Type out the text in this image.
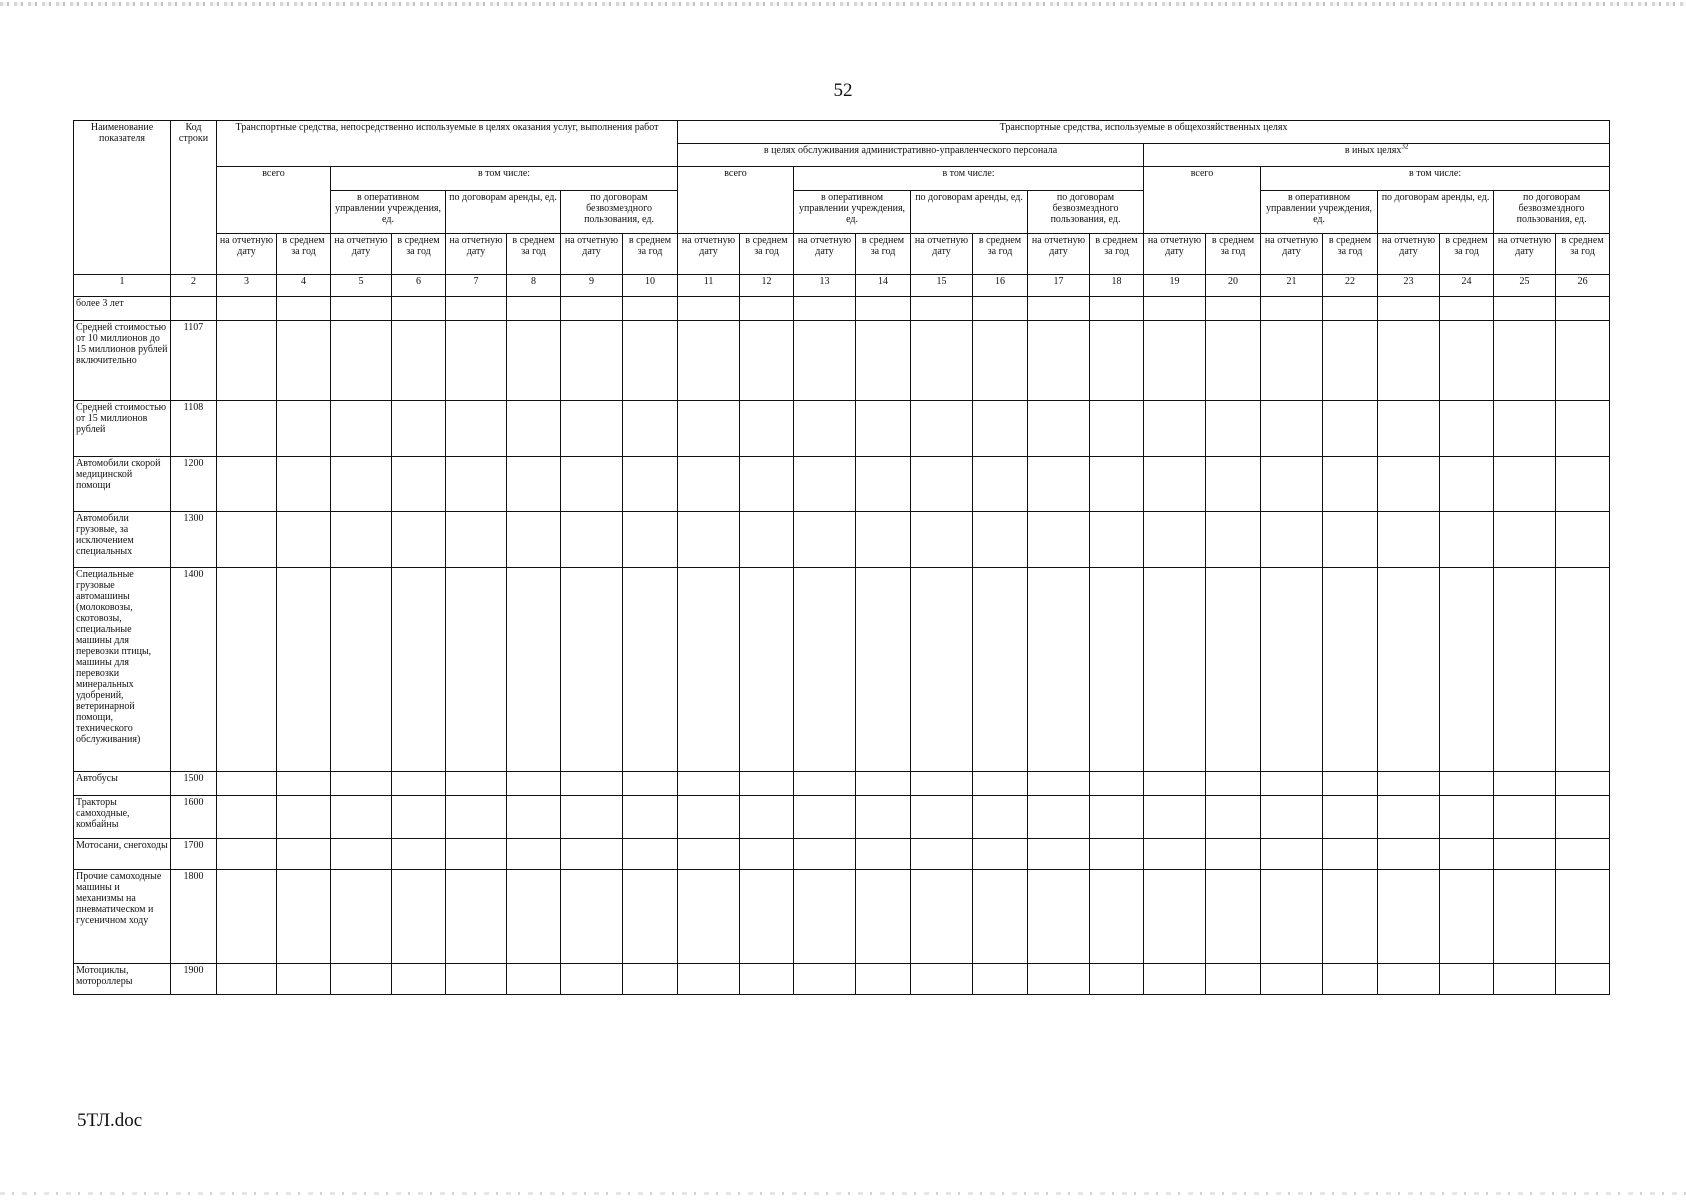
52
Наименование показателя	Код строки	Транспортные средства, непосредственно используемые в целях оказания услуг, выполнения работ								Транспортные средства, используемые в общехозяйственных целях															
										в целях обслуживания административно-управленческого персонала								в иных целях$^{32}$
		всего		в том числе:						всего		в том числе:						всего		в том числе:					
				в оперативном управлении учреждения, ед.		по договорам аренды, ед.		по договорам безвозмездного пользования, ед.				в оперативном управлении учреждения, ед.		по договорам аренды, ед.		по договорам безвозмездного пользования, ед.				в оперативном управлении учреждения, ед.		по договорам аренды, ед.		по договорам безвозмездного пользования, ед.	
		на отчетную дату	в среднем за год	на отчетную дату	в среднем за год	на отчетную дату	в среднем за год	на отчетную дату	в среднем за год	на отчетную дату	в среднем за год	на отчетную дату	в среднем за год	на отчетную дату	в среднем за год	на отчетную дату	в среднем за год	на отчетную дату	в среднем за год	на отчетную дату	в среднем за год	на отчетную дату	в среднем за год	на отчетную дату	в среднем за год
1	2	3	4	5	6	7	8	9	10	11	12	13	14	15	16	17	18	19	20	21	22	23	24	25	26
более 3 лет																									
Средней стоимостью от 10 миллионов до 15 миллионов рублей включительно	1107																								
Средней стоимостью от 15 миллионов рублей	1108																								
Автомобили скорой медицинской помощи	1200																								
Автомобили грузовые, за исключением специальных	1300																								
Специальные грузовые автомашины (молоковозы, скотовозы, специальные машины для перевозки птицы, машины для перевозки минеральных удобрений, ветеринарной помощи, технического обслуживания)	1400																								
Автобусы	1500																								
Тракторы самоходные, комбайны	1600																								
Мотосани, снегоходы	1700																								
Прочие самоходные машины и механизмы на пневматическом и гусеничном ходу	1800																								
Мотоциклы, мотороллеры	1900																								
5ТЛ.doc
